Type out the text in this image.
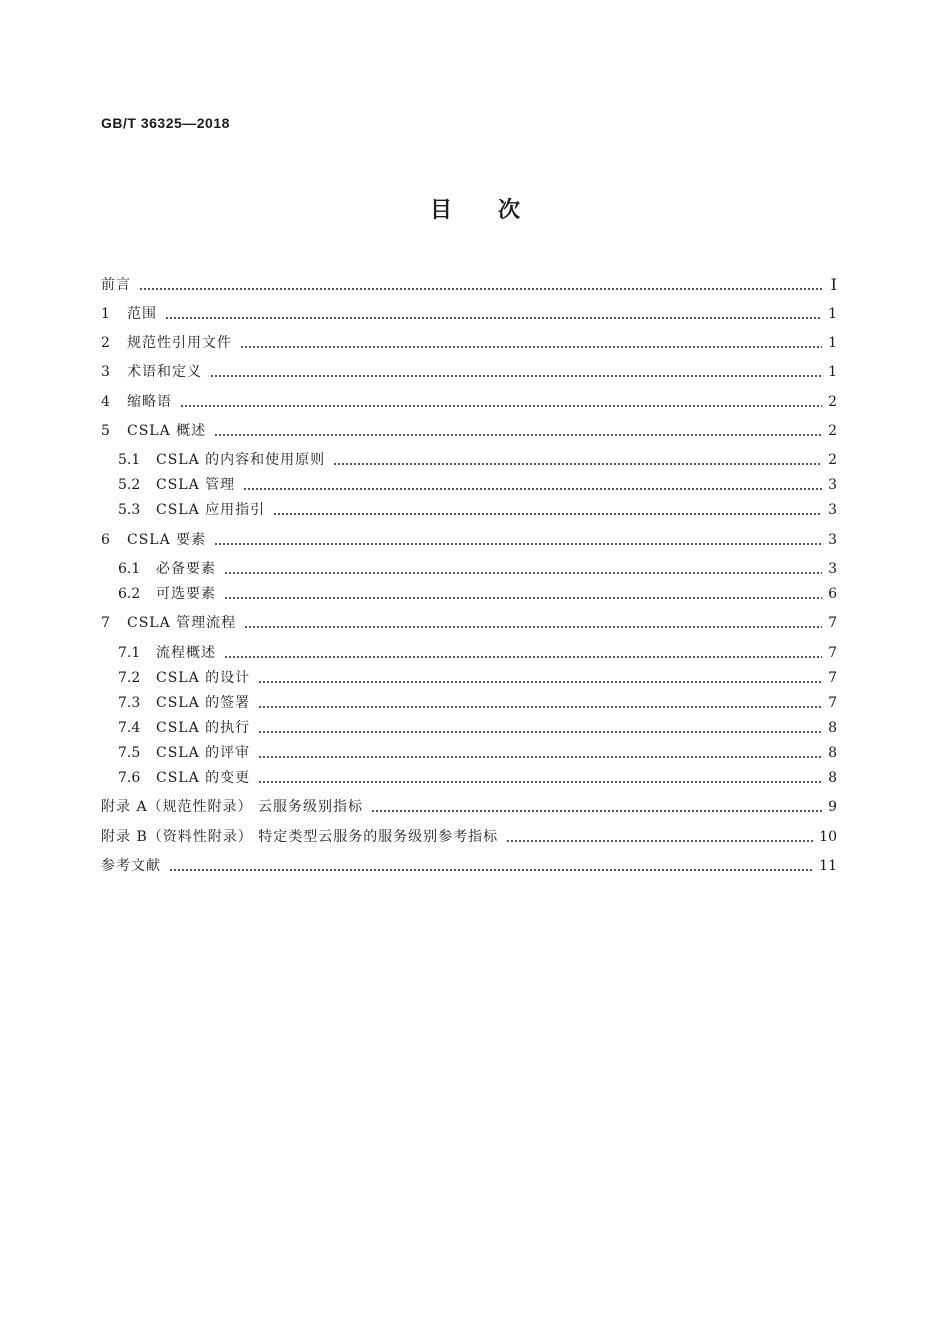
GB/T 36325—2018
目次
前言	I
1	范围	1
2	规范性引用文件	1
3	术语和定义	1
4	缩略语	2
5	CSLA 概述	2
5.1	CSLA 的内容和使用原则	2
5.2	CSLA 管理	3
5.3	CSLA 应用指引	3
6	CSLA 要素	3
6.1	必备要素	3
6.2	可选要素	6
7	CSLA 管理流程	7
7.1	流程概述	7
7.2	CSLA 的设计	7
7.3	CSLA 的签署	7
7.4	CSLA 的执行	8
7.5	CSLA 的评审	8
7.6	CSLA 的变更	8
附录 A（规范性附录） 云服务级别指标	9
附录 B（资料性附录） 特定类型云服务的服务级别参考指标	10
参考文献	11
